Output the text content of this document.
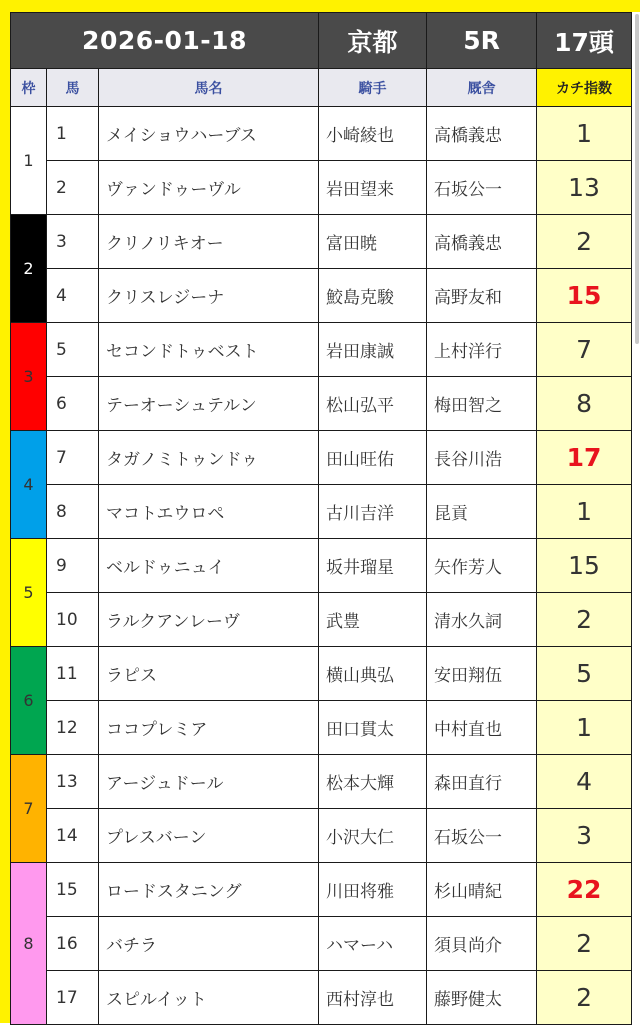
2026-01-18			京都	5R	17頭
枠	馬	馬名	騎手	厩舎	カチ指数
1	1	メイショウハーブス	小崎綾也	高橋義忠	1
	2	ヴァンドゥーヴル	岩田望来	石坂公一	13
2	3	クリノリキオー	富田暁	高橋義忠	2
	4	クリスレジーナ	鮫島克駿	高野友和	15
3	5	セコンドトゥベスト	岩田康誠	上村洋行	7
	6	テーオーシュテルン	松山弘平	梅田智之	8
4	7	タガノミトゥンドゥ	田山旺佑	長谷川浩	17
	8	マコトエウロペ	古川吉洋	昆貢	1
5	9	ベルドゥニュイ	坂井瑠星	矢作芳人	15
	10	ラルクアンレーヴ	武豊	清水久詞	2
6	11	ラピス	横山典弘	安田翔伍	5
	12	ココプレミア	田口貫太	中村直也	1
7	13	アージュドール	松本大輝	森田直行	4
	14	プレスバーン	小沢大仁	石坂公一	3
8	15	ロードスタニング	川田将雅	杉山晴紀	22
	16	バチラ	ハマーハ	須貝尚介	2
	17	スピルイット	西村淳也	藤野健太	2
